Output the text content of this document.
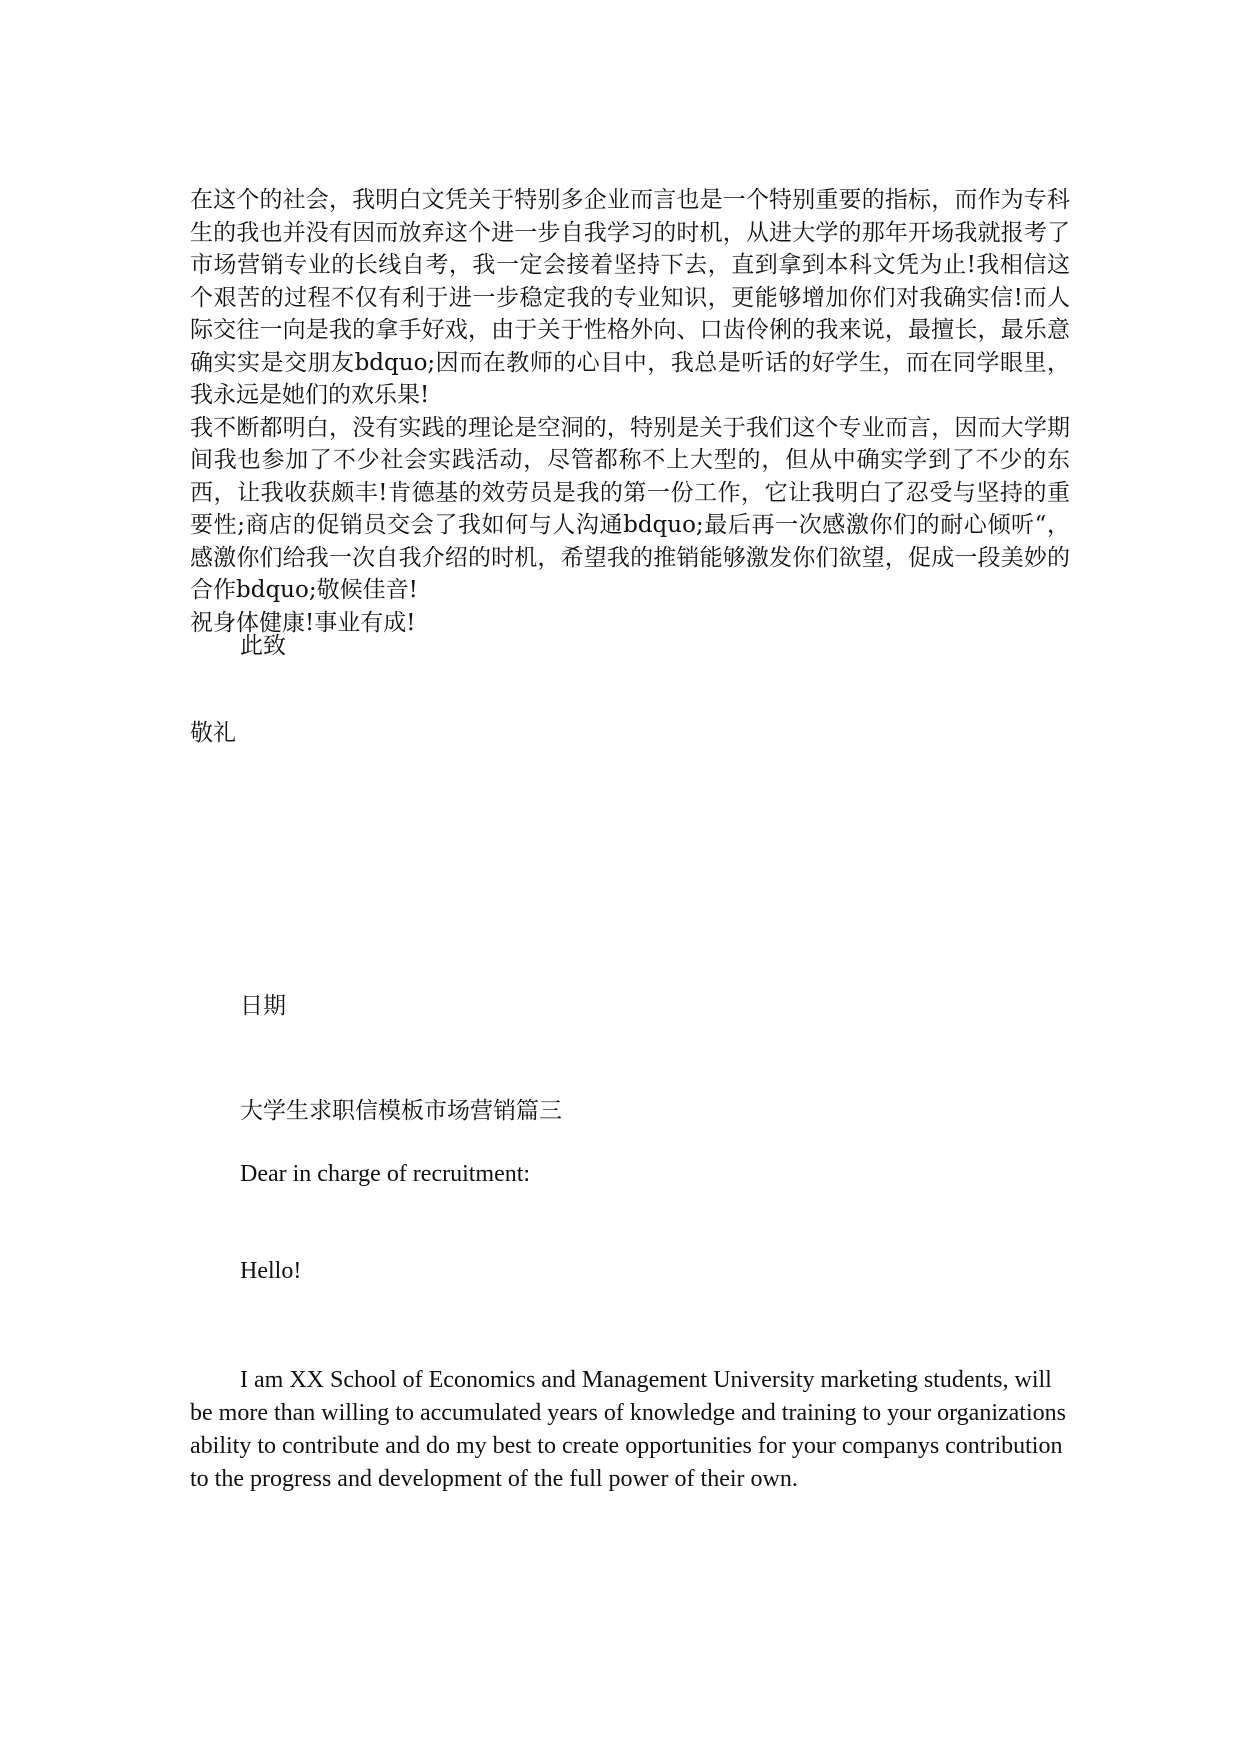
在这个的社会，我明白文凭关于特别多企业而言也是一个特别重要的指标，而作为专科生的我也并没有因而放弃这个进一步自我学习的时机，从进大学的那年开场我就报考了市场营销专业的长线自考，我一定会接着坚持下去，直到拿到本科文凭为止!我相信这个艰苦的过程不仅有利于进一步稳定我的专业知识，更能够增加你们对我确实信!而人际交往一向是我的拿手好戏，由于关于性格外向、口齿伶俐的我来说，最擅长，最乐意确实实是交朋友bdquo;因而在教师的心目中，我总是听话的好学生，而在同学眼里，我永远是她们的欢乐果!

我不断都明白，没有实践的理论是空洞的，特别是关于我们这个专业而言，因而大学期间我也参加了不少社会实践活动，尽管都称不上大型的，但从中确实学到了不少的东西，让我收获颇丰!肯德基的效劳员是我的第一份工作，它让我明白了忍受与坚持的重要性;商店的促销员交会了我如何与人沟通bdquo;最后再一次感激你们的耐心倾听“，感激你们给我一次自我介绍的时机，希望我的推销能够激发你们欲望，促成一段美妙的合作bdquo;敬候佳音!

祝身体健康!事业有成!

此致

敬礼

日期

大学生求职信模板市场营销篇三

Dear in charge of recruitment:

Hello!

I am XX School of Economics and Management University marketing students, will be more than willing to accumulated years of knowledge and training to your organizations ability to contribute and do my best to create opportunities for your companys contribution to the progress and development of the full power of their own.
